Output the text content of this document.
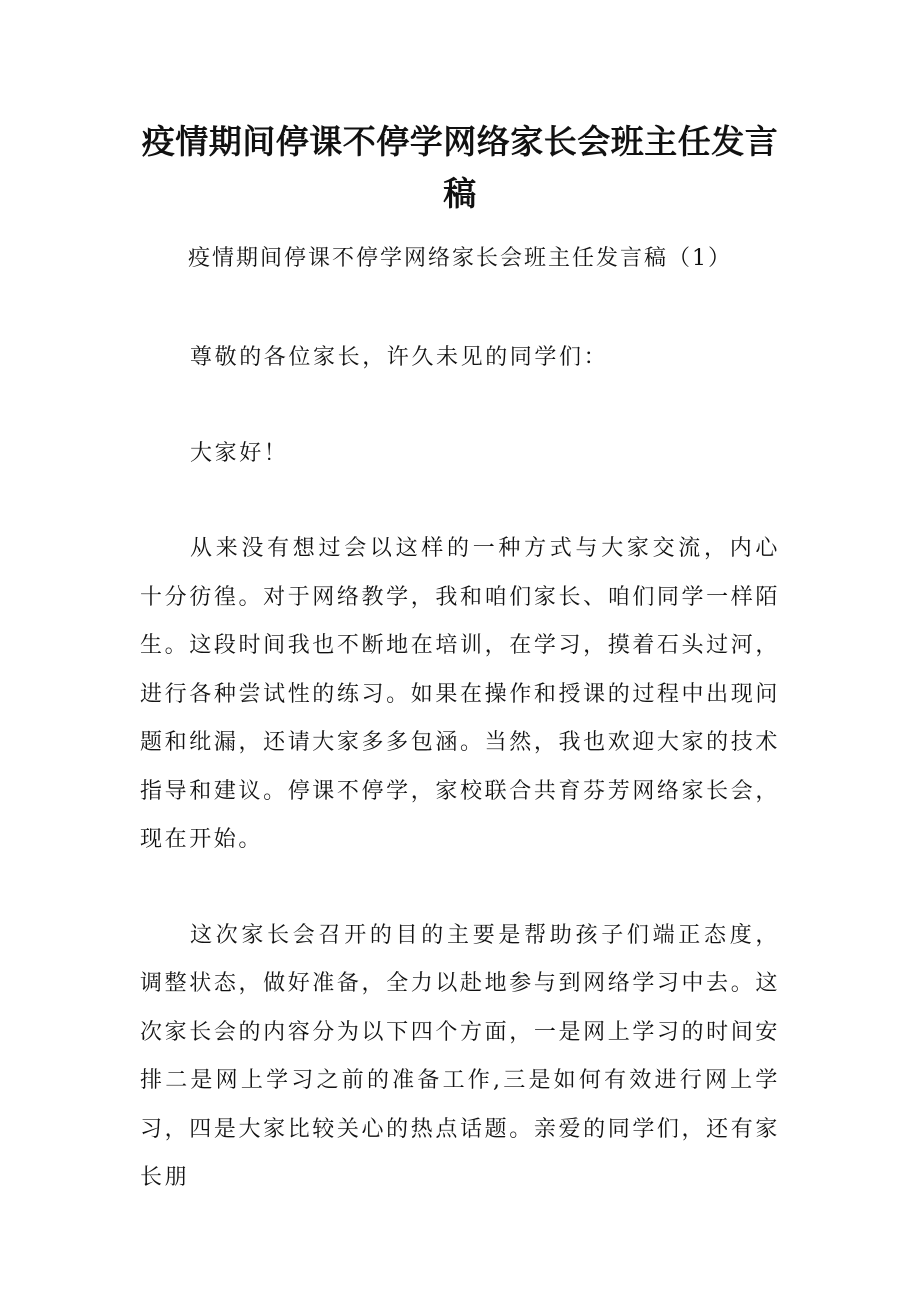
疫情期间停课不停学网络家长会班主任发言稿

疫情期间停课不停学网络家长会班主任发言稿（1）

尊敬的各位家长，许久未见的同学们：

大家好！

从来没有想过会以这样的一种方式与大家交流，内心十分彷徨。对于网络教学，我和咱们家长、咱们同学一样陌生。这段时间我也不断地在培训，在学习，摸着石头过河，进行各种尝试性的练习。如果在操作和授课的过程中出现问题和纰漏，还请大家多多包涵。当然，我也欢迎大家的技术指导和建议。停课不停学，家校联合共育芬芳网络家长会，现在开始。

这次家长会召开的目的主要是帮助孩子们端正态度，调整状态，做好准备，全力以赴地参与到网络学习中去。这次家长会的内容分为以下四个方面，一是网上学习的时间安排二是网上学习之前的准备工作,三是如何有效进行网上学习，四是大家比较关心的热点话题。亲爱的同学们，还有家长朋
